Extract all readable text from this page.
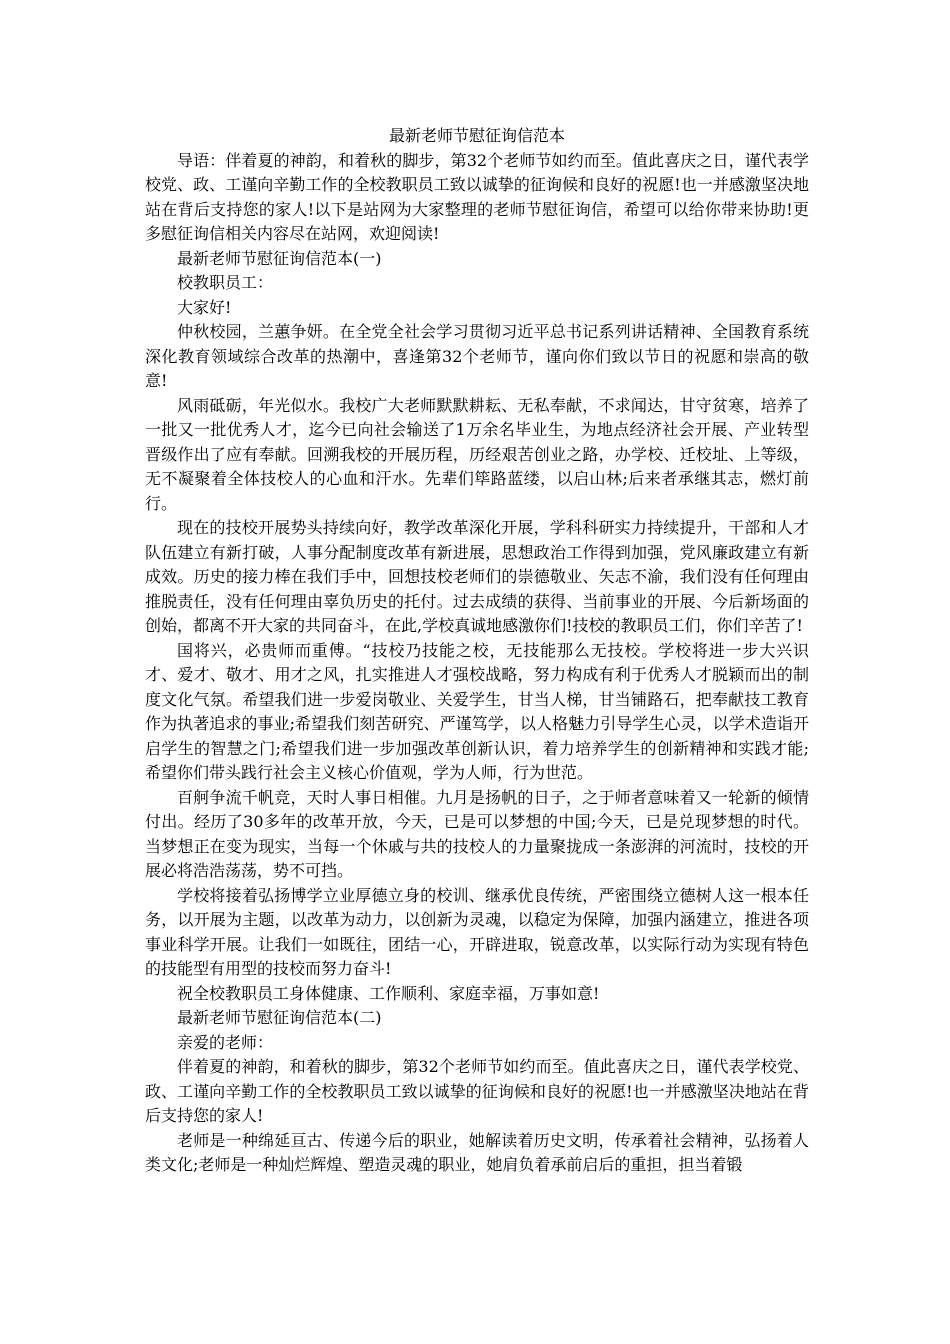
最新老师节慰征询信范本

导语：伴着夏的神韵，和着秋的脚步，第32个老师节如约而至。值此喜庆之日，谨代表学校党、政、工谨向辛勤工作的全校教职员工致以诚挚的征询候和良好的祝愿!也一并感激坚决地站在背后支持您的家人!以下是站网为大家整理的老师节慰征询信，希望可以给你带来协助!更多慰征询信相关内容尽在站网，欢迎阅读!

最新老师节慰征询信范本(一)

校教职员工：

大家好!

仲秋校园，兰蕙争妍。在全党全社会学习贯彻习近平总书记系列讲话精神、全国教育系统深化教育领域综合改革的热潮中，喜逢第32个老师节，谨向你们致以节日的祝愿和崇高的敬意!

风雨砥砺，年光似水。我校广大老师默默耕耘、无私奉献，不求闻达，甘守贫寒，培养了一批又一批优秀人才，迄今已向社会输送了1万余名毕业生，为地点经济社会开展、产业转型晋级作出了应有奉献。回溯我校的开展历程，历经艰苦创业之路，办学校、迁校址、上等级，无不凝聚着全体技校人的心血和汗水。先辈们筚路蓝缕，以启山林;后来者承继其志，燃灯前行。

现在的技校开展势头持续向好，教学改革深化开展，学科科研实力持续提升，干部和人才队伍建立有新打破，人事分配制度改革有新进展，思想政治工作得到加强，党风廉政建立有新成效。历史的接力棒在我们手中，回想技校老师们的崇德敬业、矢志不渝，我们没有任何理由推脱责任，没有任何理由辜负历史的托付。过去成绩的获得、当前事业的开展、今后新场面的创始，都离不开大家的共同奋斗，在此,学校真诚地感激你们!技校的教职员工们，你们辛苦了!

国将兴，必贵师而重傅。“技校乃技能之校，无技能那么无技校。学校将进一步大兴识才、爱才、敬才、用才之风，扎实推进人才强校战略，努力构成有利于优秀人才脱颖而出的制度文化气氛。希望我们进一步爱岗敬业、关爱学生，甘当人梯，甘当铺路石，把奉献技工教育作为执著追求的事业;希望我们刻苦研究、严谨笃学，以人格魅力引导学生心灵，以学术造诣开启学生的智慧之门;希望我们进一步加强改革创新认识，着力培养学生的创新精神和实践才能;希望你们带头践行社会主义核心价值观，学为人师，行为世范。

百舸争流千帆竞，天时人事日相催。九月是扬帆的日子，之于师者意味着又一轮新的倾情付出。经历了30多年的改革开放，今天，已是可以梦想的中国;今天，已是兑现梦想的时代。当梦想正在变为现实，当每一个休戚与共的技校人的力量聚拢成一条澎湃的河流时，技校的开展必将浩浩荡荡，势不可挡。

学校将接着弘扬博学立业厚德立身的校训、继承优良传统，严密围绕立德树人这一根本任务，以开展为主题，以改革为动力，以创新为灵魂，以稳定为保障，加强内涵建立，推进各项事业科学开展。让我们一如既往，团结一心，开辟进取，锐意改革，以实际行动为实现有特色的技能型有用型的技校而努力奋斗!

祝全校教职员工身体健康、工作顺利、家庭幸福，万事如意!

最新老师节慰征询信范本(二)

亲爱的老师：

伴着夏的神韵，和着秋的脚步，第32个老师节如约而至。值此喜庆之日，谨代表学校党、政、工谨向辛勤工作的全校教职员工致以诚挚的征询候和良好的祝愿!也一并感激坚决地站在背后支持您的家人!

老师是一种绵延亘古、传递今后的职业，她解读着历史文明，传承着社会精神，弘扬着人类文化;老师是一种灿烂辉煌、塑造灵魂的职业，她肩负着承前启后的重担，担当着锻
